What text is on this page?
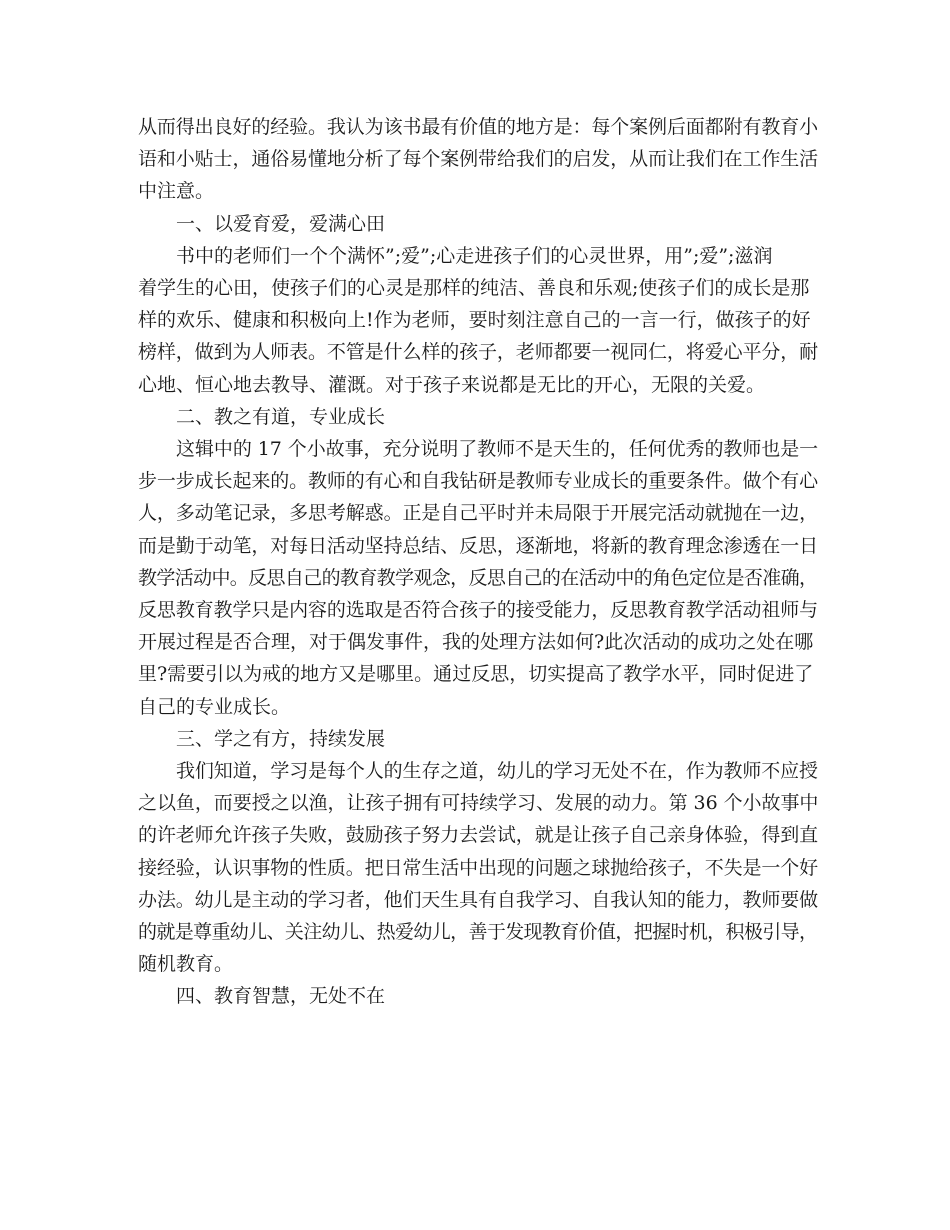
从而得出良好的经验。我认为该书最有价值的地方是：每个案例后面都附有教育小
语和小贴士，通俗易懂地分析了每个案例带给我们的启发，从而让我们在工作生活
中注意。
一、以爱育爱，爱满心田
书中的老师们一个个满怀”;爱”;心走进孩子们的心灵世界，用”;爱”;滋润
着学生的心田，使孩子们的心灵是那样的纯洁、善良和乐观;使孩子们的成长是那
样的欢乐、健康和积极向上!作为老师，要时刻注意自己的一言一行，做孩子的好
榜样，做到为人师表。不管是什么样的孩子，老师都要一视同仁，将爱心平分，耐
心地、恒心地去教导、灌溉。对于孩子来说都是无比的开心，无限的关爱。
二、教之有道，专业成长
这辑中的 17 个小故事，充分说明了教师不是天生的，任何优秀的教师也是一
步一步成长起来的。教师的有心和自我钻研是教师专业成长的重要条件。做个有心
人，多动笔记录，多思考解惑。正是自己平时并未局限于开展完活动就抛在一边，
而是勤于动笔，对每日活动坚持总结、反思，逐渐地，将新的教育理念渗透在一日
教学活动中。反思自己的教育教学观念，反思自己的在活动中的角色定位是否准确，
反思教育教学只是内容的选取是否符合孩子的接受能力，反思教育教学活动祖师与
开展过程是否合理，对于偶发事件，我的处理方法如何?此次活动的成功之处在哪
里?需要引以为戒的地方又是哪里。通过反思，切实提高了教学水平，同时促进了
自己的专业成长。
三、学之有方，持续发展
我们知道，学习是每个人的生存之道，幼儿的学习无处不在，作为教师不应授
之以鱼，而要授之以渔，让孩子拥有可持续学习、发展的动力。第 36 个小故事中
的许老师允许孩子失败，鼓励孩子努力去尝试，就是让孩子自己亲身体验，得到直
接经验，认识事物的性质。把日常生活中出现的问题之球抛给孩子，不失是一个好
办法。幼儿是主动的学习者，他们天生具有自我学习、自我认知的能力，教师要做
的就是尊重幼儿、关注幼儿、热爱幼儿，善于发现教育价值，把握时机，积极引导，
随机教育。
四、教育智慧，无处不在
